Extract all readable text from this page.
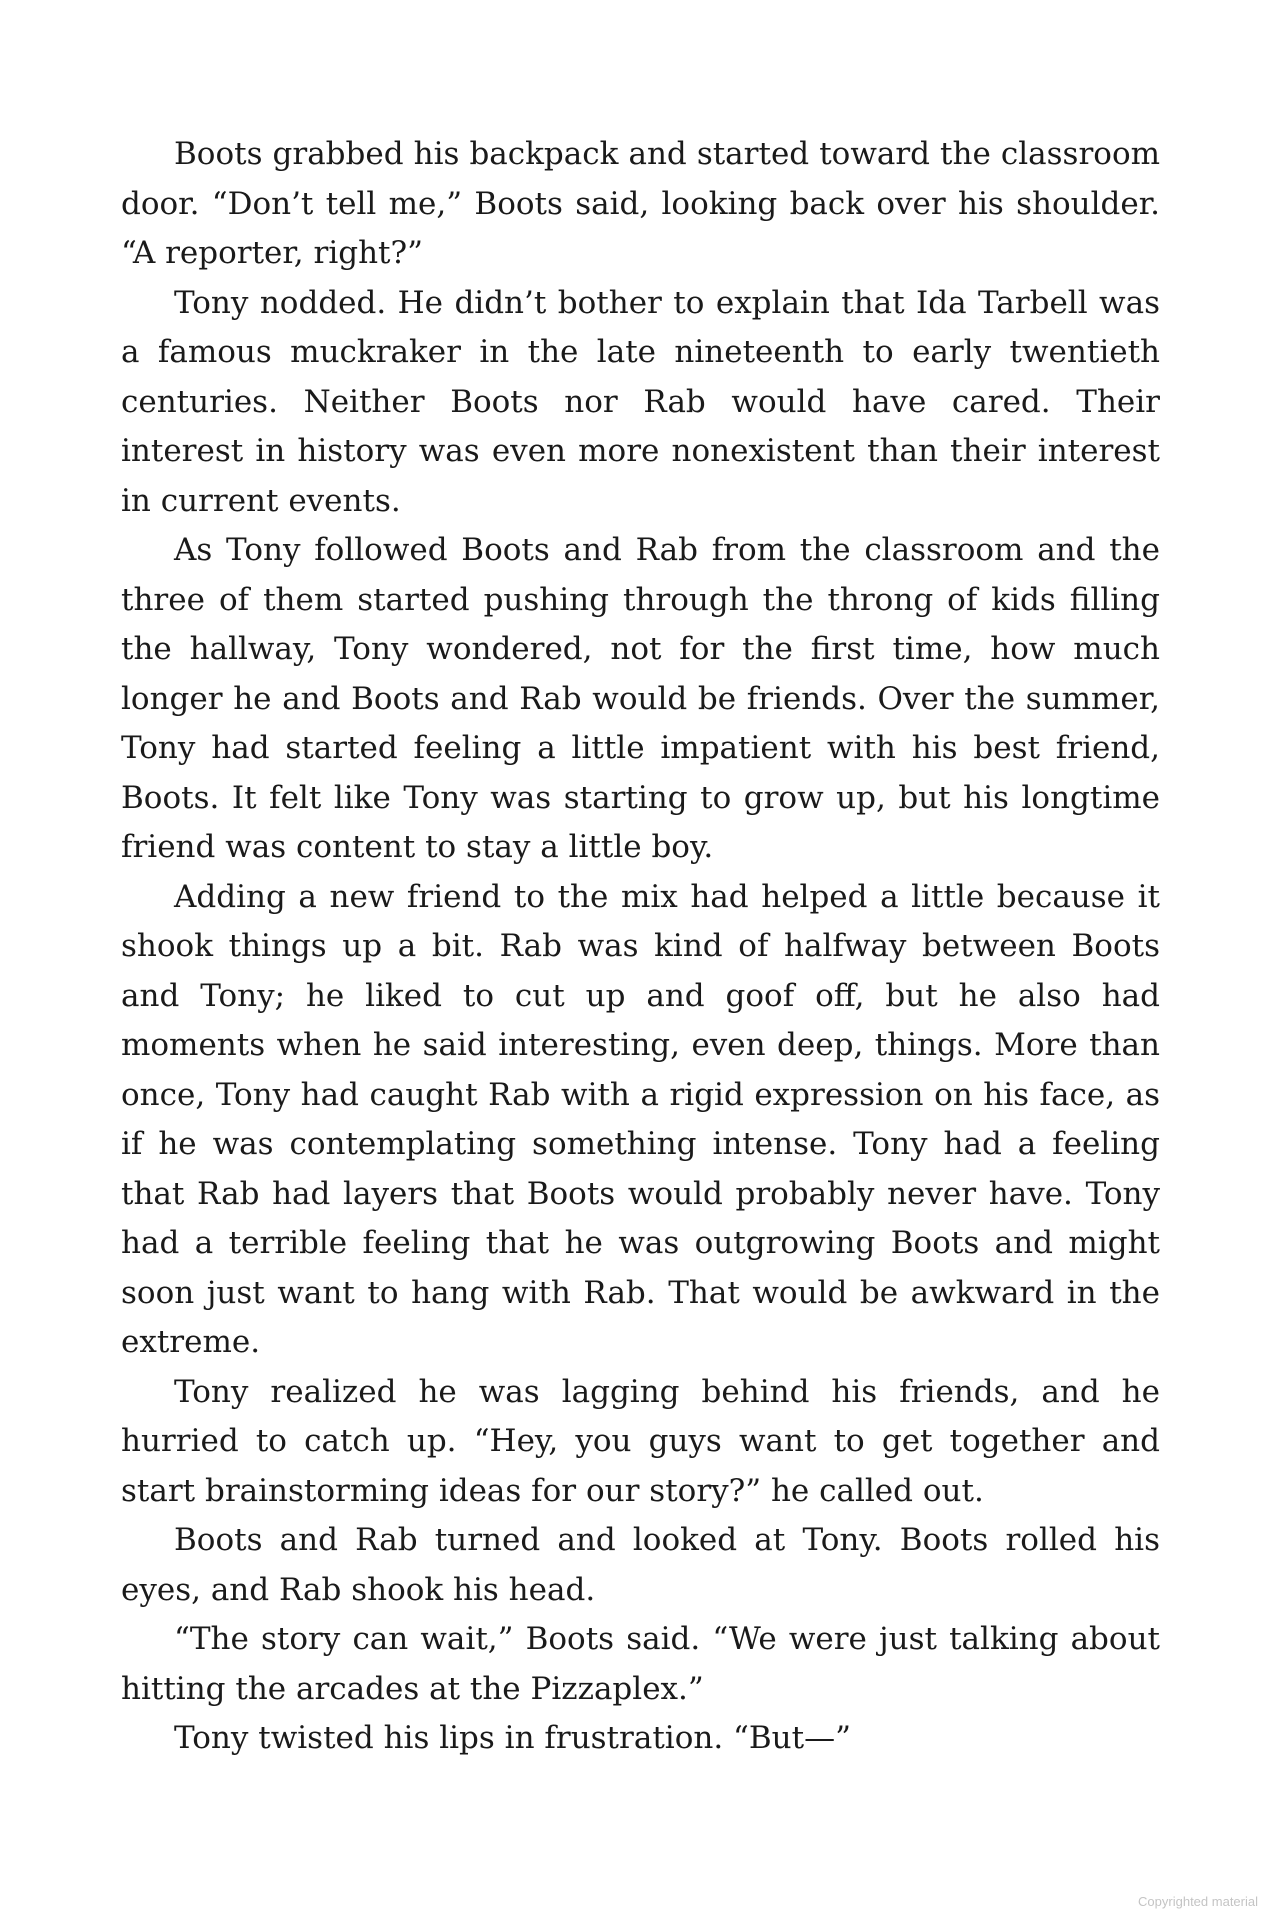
Boots grabbed his backpack and started toward the classroom door. “Don’t tell me,” Boots said, looking back over his shoulder. “A reporter, right?”

Tony nodded. He didn’t bother to explain that Ida Tarbell was a famous muckraker in the late nineteenth to early twentieth centuries. Neither Boots nor Rab would have cared. Their interest in history was even more nonexistent than their interest in current events.

As Tony followed Boots and Rab from the classroom and the three of them started pushing through the throng of kids filling the hallway, Tony wondered, not for the first time, how much longer he and Boots and Rab would be friends. Over the summer, Tony had started feeling a little impatient with his best friend, Boots. It felt like Tony was starting to grow up, but his longtime friend was content to stay a little boy.

Adding a new friend to the mix had helped a little because it shook things up a bit. Rab was kind of halfway between Boots and Tony; he liked to cut up and goof off, but he also had moments when he said interesting, even deep, things. More than once, Tony had caught Rab with a rigid expression on his face, as if he was contemplating something intense. Tony had a feeling that Rab had layers that Boots would probably never have. Tony had a terrible feeling that he was outgrowing Boots and might soon just want to hang with Rab. That would be awkward in the extreme.

Tony realized he was lagging behind his friends, and he hurried to catch up. “Hey, you guys want to get together and start brainstorming ideas for our story?” he called out.

Boots and Rab turned and looked at Tony. Boots rolled his eyes, and Rab shook his head.

“The story can wait,” Boots said. “We were just talking about hitting the arcades at the Pizzaplex.”

Tony twisted his lips in frustration. “But—”

Copyrighted material
